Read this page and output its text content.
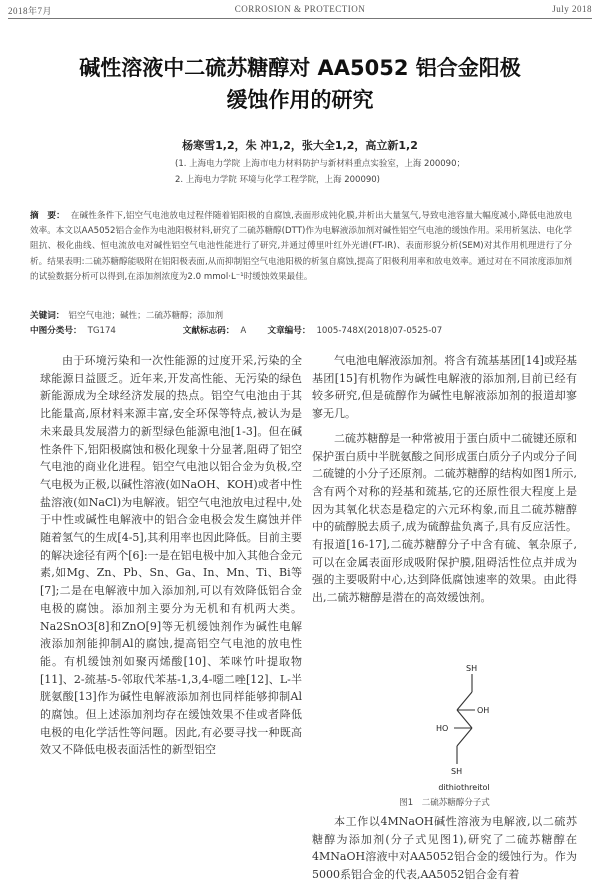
2018年7月	CORROSION & PROTECTION	July 2018
碱性溶液中二硫苏糖醇对 AA5052 铝合金阳极
缓蚀作用的研究
杨寒雪1,2，朱 冲1,2，张大全1,2，高立新1,2
(1. 上海电力学院 上海市电力材料防护与新材料重点实验室，上海 200090；
2. 上海电力学院 环境与化学工程学院，上海 200090)
摘　要： 在碱性条件下,铝空气电池放电过程伴随着铝阳极的自腐蚀,表面形成钝化膜,并析出大量氢气,导致电池容量大幅度减小,降低电池放电效率。本文以AA5052铝合金作为电池阳极材料,研究了二硫苏糖醇(DTT)作为电解液添加剂对碱性铝空气电池的缓蚀作用。采用析氢法、电化学阻抗、极化曲线、恒电流放电对碱性铝空气电池性能进行了研究,并通过傅里叶红外光谱(FT-IR)、表面形貌分析(SEM)对其作用机理进行了分析。结果表明:二硫苏糖醇能吸附在铝阳极表面,从而抑制铝空气电池阳极的析氢自腐蚀,提高了阳极利用率和放电效率。通过对在不同浓度添加剂的试验数据分析可以得到,在添加剂浓度为2.0 mmol·L⁻¹时缓蚀效果最佳。
关键词： 铝空气电池；碱性；二硫苏糖醇；添加剂
中图分类号： TG174	文献标志码： A 文章编号： 1005-748X(2018)07-0525-07

由于环境污染和一次性能源的过度开采,污染的全球能源日益匮乏。近年来,开发高性能、无污染的绿色新能源成为全球经济发展的热点。铝空气电池由于其比能量高,原材料来源丰富,安全环保等特点,被认为是未来最具发展潜力的新型绿色能源电池[1-3]。但在碱性条件下,铝阳极腐蚀和极化现象十分显著,阻碍了铝空气电池的商业化进程。铝空气电池以铝合金为负极,空气电极为正极,以碱性溶液(如NaOH、KOH)或者中性盐溶液(如NaCl)为电解液。铝空气电池放电过程中,处于中性或碱性电解液中的铝合金电极会发生腐蚀并伴随着氢气的生成[4-5],其利用率也因此降低。目前主要的解决途径有两个[6]:一是在铝电极中加入其他合金元素,如Mg、Zn、Pb、Sn、Ga、In、Mn、Ti、Bi等[7];二是在电解液中加入添加剂,可以有效降低铝合金电极的腐蚀。添加剂主要分为无机和有机两大类。Na2SnO3[8]和ZnO[9]等无机缓蚀剂作为碱性电解液添加剂能抑制Al的腐蚀,提高铝空气电池的放电性能。有机缓蚀剂如聚丙烯酸[10]、苯咪竹叶提取物[11]、2-巯基-5-邻取代苯基-1,3,4-噁二唑[12]、L-半胱氨酸[13]作为碱性电解液添加剂也同样能够抑制Al的腐蚀。但上述添加剂均存在缓蚀效果不佳或者降低电极的电化学活性等问题。因此,有必要寻找一种既高效又不降低电极表面活性的新型铝空

气电池电解液添加剂。将含有巯基基团[14]或羟基基团[15]有机物作为碱性电解液的添加剂,目前已经有较多研究,但是硫醇作为碱性电解液添加剂的报道却寥寥无几。

二硫苏糖醇是一种常被用于蛋白质中二硫键还原和保护蛋白质中半胱氨酸之间形成蛋白质分子内或分子间二硫键的小分子还原剂。二硫苏糖醇的结构如图1所示,含有两个对称的羟基和巯基,它的还原性很大程度上是因为其氧化状态是稳定的六元环构象,而且二硫苏糖醇中的硫醇脱去质子,成为硫醇盐负离子,具有反应活性。有报道[16-17],二硫苏糖醇分子中含有硫、氧杂原子,可以在金属表面形成吸附保护膜,阻碍活性位点并成为强的主要吸附中心,达到降低腐蚀速率的效果。由此得出,二硫苏糖醇是潜在的高效缓蚀剂。

SH
OH
HO
SH
dithiothreitol
图1　二硫苏糖醇分子式

本工作以4MNaOH碱性溶液为电解液,以二硫苏糖醇为添加剂(分子式见图1),研究了二硫苏糖醇在4MNaOH溶液中对AA5052铝合金的缓蚀行为。作为5000系铝合金的代表,AA5052铝合金有着
